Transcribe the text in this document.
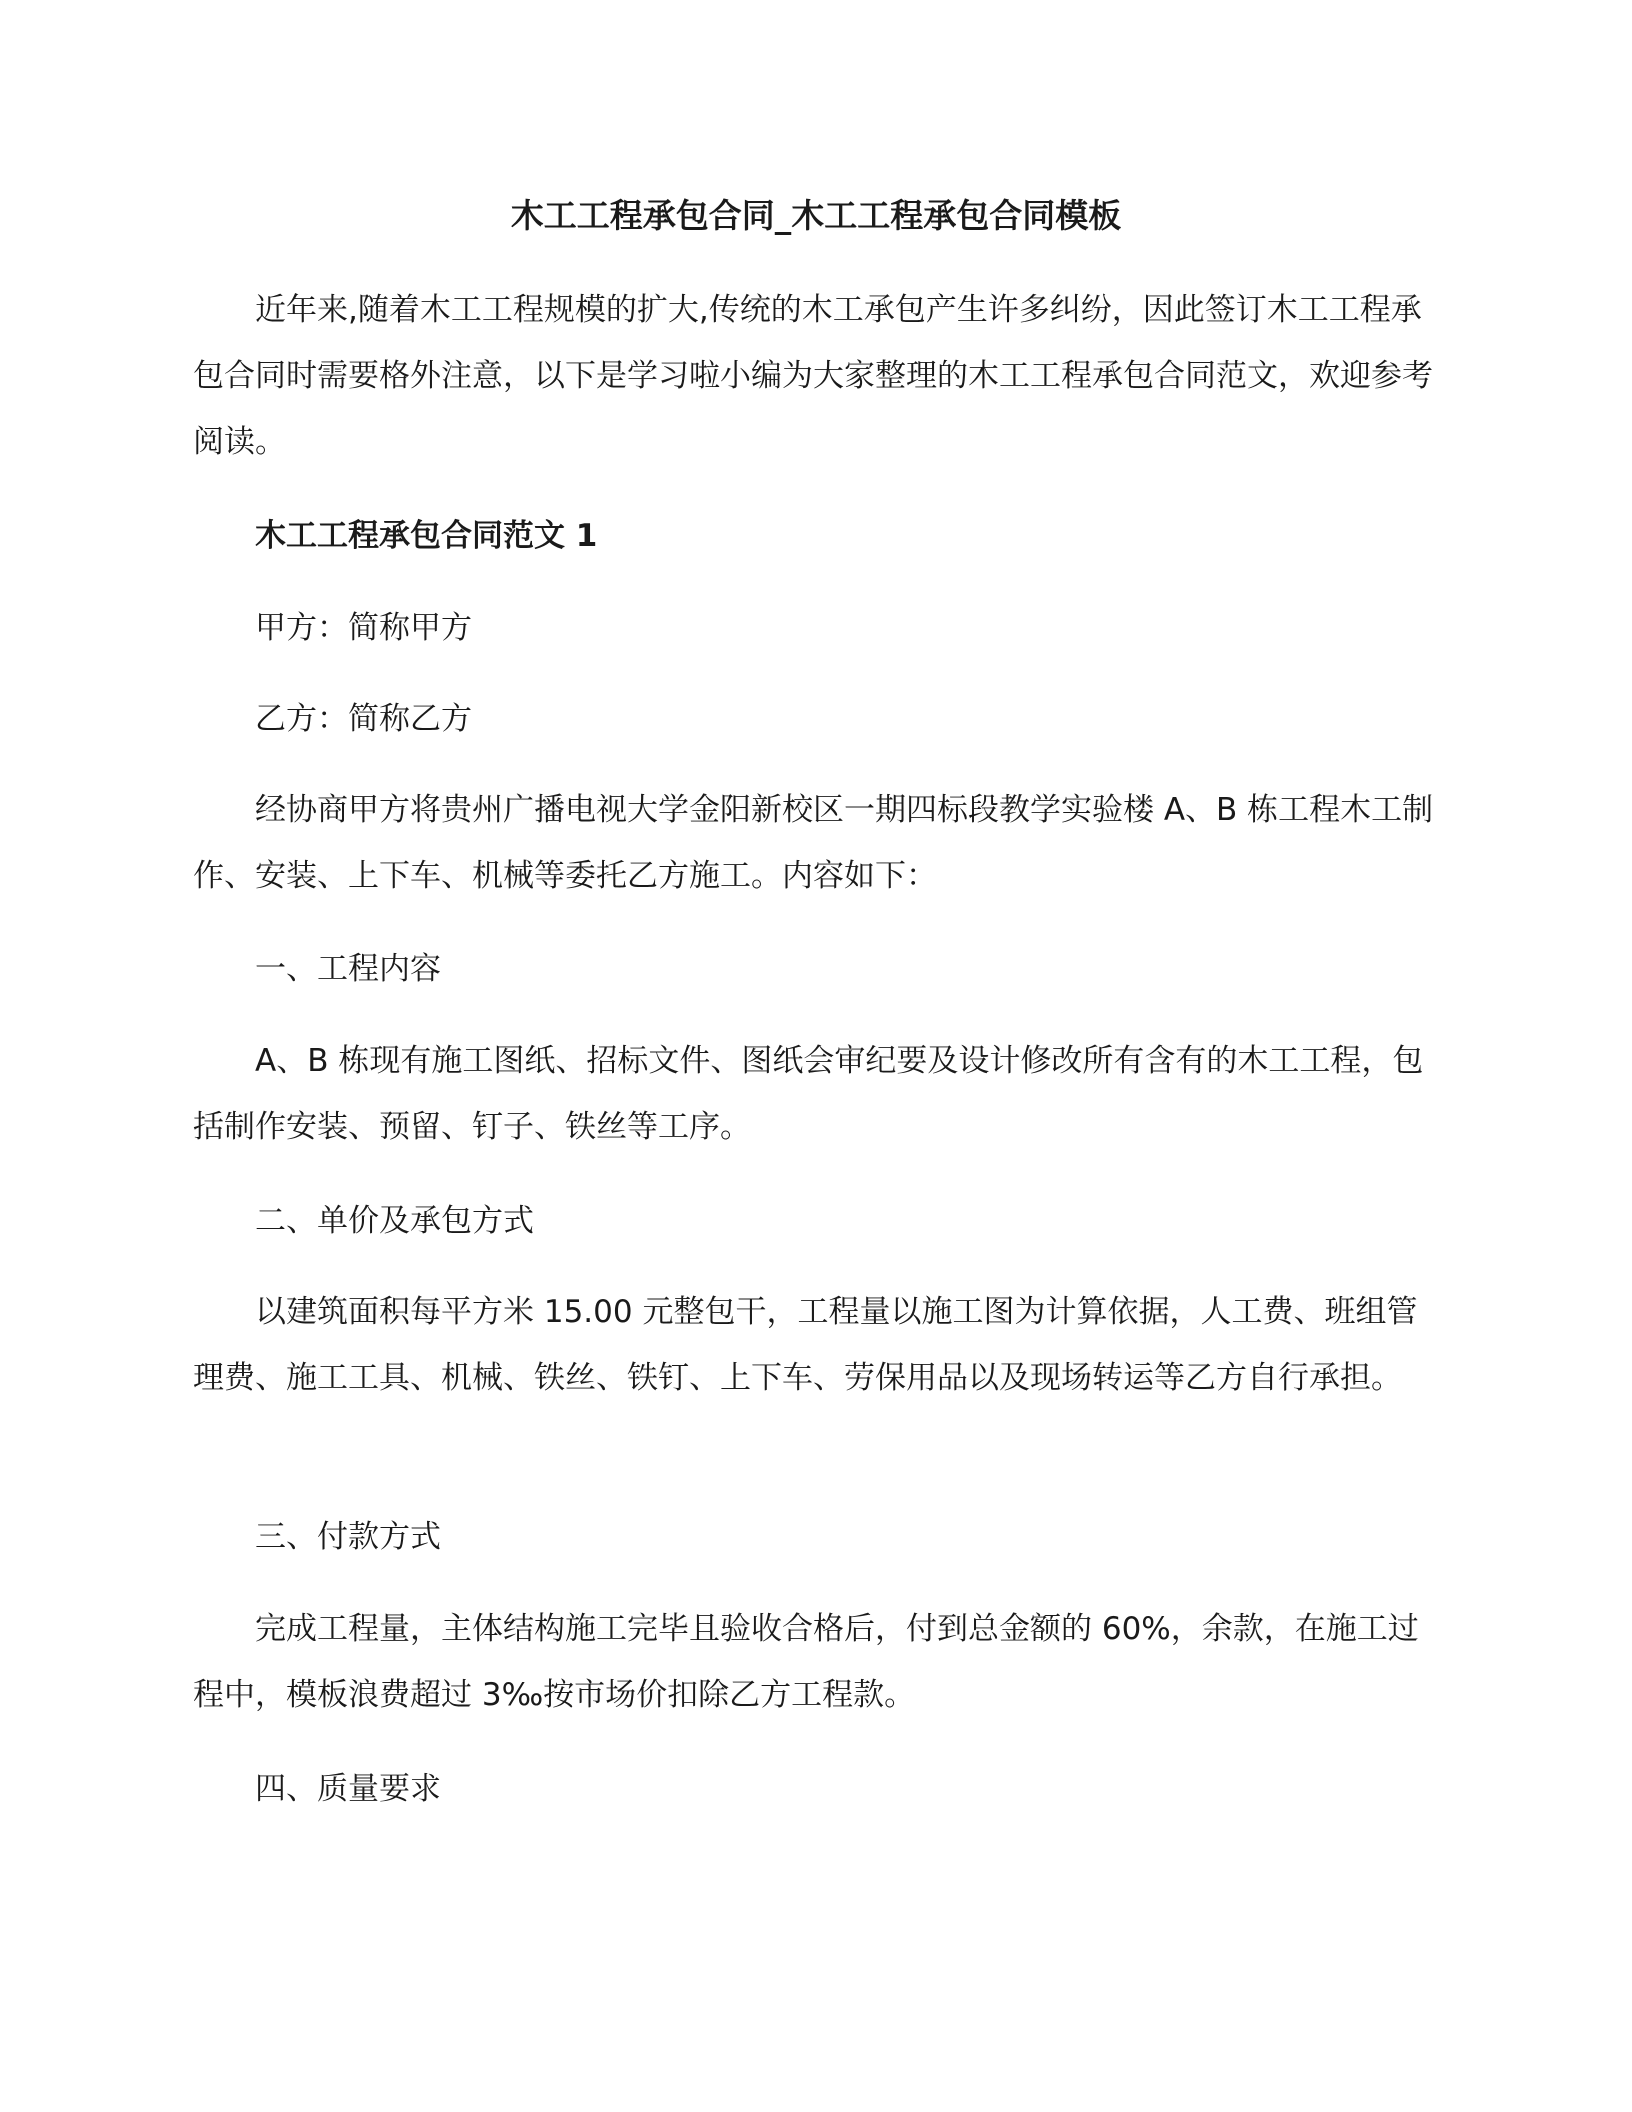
木工工程承包合同_木工工程承包合同模板

近年来,随着木工工程规模的扩大,传统的木工承包产生许多纠纷，因此签订木工工程承包合同时需要格外注意，以下是学习啦小编为大家整理的木工工程承包合同范文，欢迎参考阅读。

木工工程承包合同范文 1

甲方：简称甲方

乙方：简称乙方

经协商甲方将贵州广播电视大学金阳新校区一期四标段教学实验楼 A、B 栋工程木工制作、安装、上下车、机械等委托乙方施工。内容如下：

一、工程内容

A、B 栋现有施工图纸、招标文件、图纸会审纪要及设计修改所有含有的木工工程，包括制作安装、预留、钉子、铁丝等工序。

二、单价及承包方式

以建筑面积每平方米 15.00 元整包干，工程量以施工图为计算依据，人工费、班组管理费、施工工具、机械、铁丝、铁钉、上下车、劳保用品以及现场转运等乙方自行承担。

三、付款方式

完成工程量，主体结构施工完毕且验收合格后，付到总金额的 60%，余款，在施工过程中，模板浪费超过 3‰按市场价扣除乙方工程款。

四、质量要求
